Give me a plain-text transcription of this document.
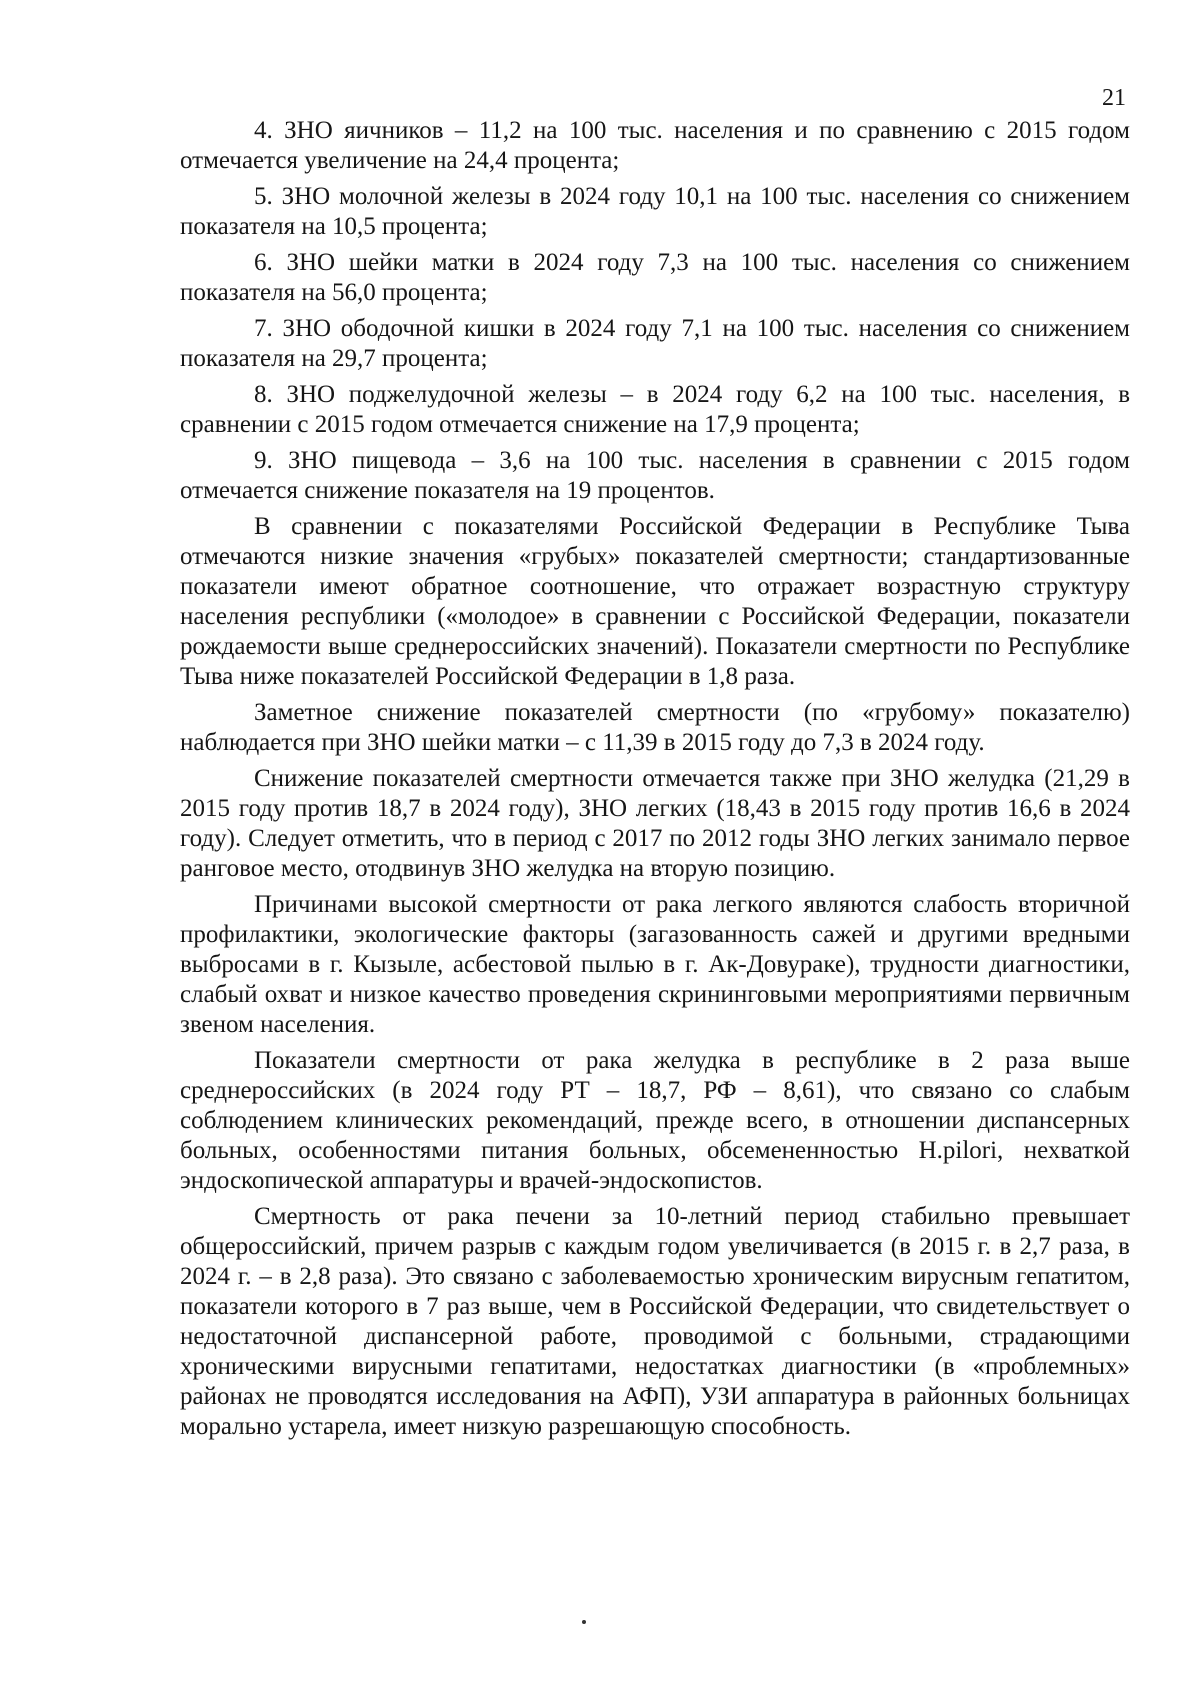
21

4. ЗНО яичников – 11,2 на 100 тыс. населения и по сравнению с 2015 годом отмечается увеличение на 24,4 процента;

5. ЗНО молочной железы в 2024 году 10,1 на 100 тыс. населения со снижением показателя на 10,5 процента;

6. ЗНО шейки матки в 2024 году 7,3 на 100 тыс. населения со снижением показателя на 56,0 процента;

7. ЗНО ободочной кишки в 2024 году 7,1 на 100 тыс. населения со снижением показателя на 29,7 процента;

8. ЗНО поджелудочной железы – в 2024 году 6,2 на 100 тыс. населения, в сравнении с 2015 годом отмечается снижение на 17,9 процента;

9. ЗНО пищевода – 3,6 на 100 тыс. населения в сравнении с 2015 годом отмечается снижение показателя на 19 процентов.

В сравнении с показателями Российской Федерации в Республике Тыва отмечаются низкие значения «грубых» показателей смертности; стандартизованные показатели имеют обратное соотношение, что отражает возрастную структуру населения республики («молодое» в сравнении с Российской Федерации, показатели рождаемости выше среднероссийских значений). Показатели смертности по Республике Тыва ниже показателей Российской Федерации в 1,8 раза.

Заметное снижение показателей смертности (по «грубому» показателю) наблюдается при ЗНО шейки матки – с 11,39 в 2015 году до 7,3 в 2024 году.

Снижение показателей смертности отмечается также при ЗНО желудка (21,29 в 2015 году против 18,7 в 2024 году), ЗНО легких (18,43 в 2015 году против 16,6 в 2024 году). Следует отметить, что в период с 2017 по 2012 годы ЗНО легких занимало первое ранговое место, отодвинув ЗНО желудка на вторую позицию.

Причинами высокой смертности от рака легкого являются слабость вторичной профилактики, экологические факторы (загазованность сажей и другими вредными выбросами в г. Кызыле, асбестовой пылью в г. Ак-Довураке), трудности диагностики, слабый охват и низкое качество проведения скрининговыми мероприятиями первичным звеном населения.

Показатели смертности от рака желудка в республике в 2 раза выше среднероссийских (в 2024 году РТ – 18,7, РФ – 8,61), что связано со слабым соблюдением клинических рекомендаций, прежде всего, в отношении диспансерных больных, особенностями питания больных, обсемененностью H.pilori, нехваткой эндоскопической аппаратуры и врачей-эндоскопистов.

Смертность от рака печени за 10-летний период стабильно превышает общероссийский, причем разрыв с каждым годом увеличивается (в 2015 г. в 2,7 раза, в 2024 г. – в 2,8 раза). Это связано с заболеваемостью хроническим вирусным гепатитом, показатели которого в 7 раз выше, чем в Российской Федерации, что свидетельствует о недостаточной диспансерной работе, проводимой с больными, страдающими хроническими вирусными гепатитами, недостатках диагностики (в «проблемных» районах не проводятся исследования на АФП), УЗИ аппаратура в районных больницах морально устарела, имеет низкую разрешающую способность.
